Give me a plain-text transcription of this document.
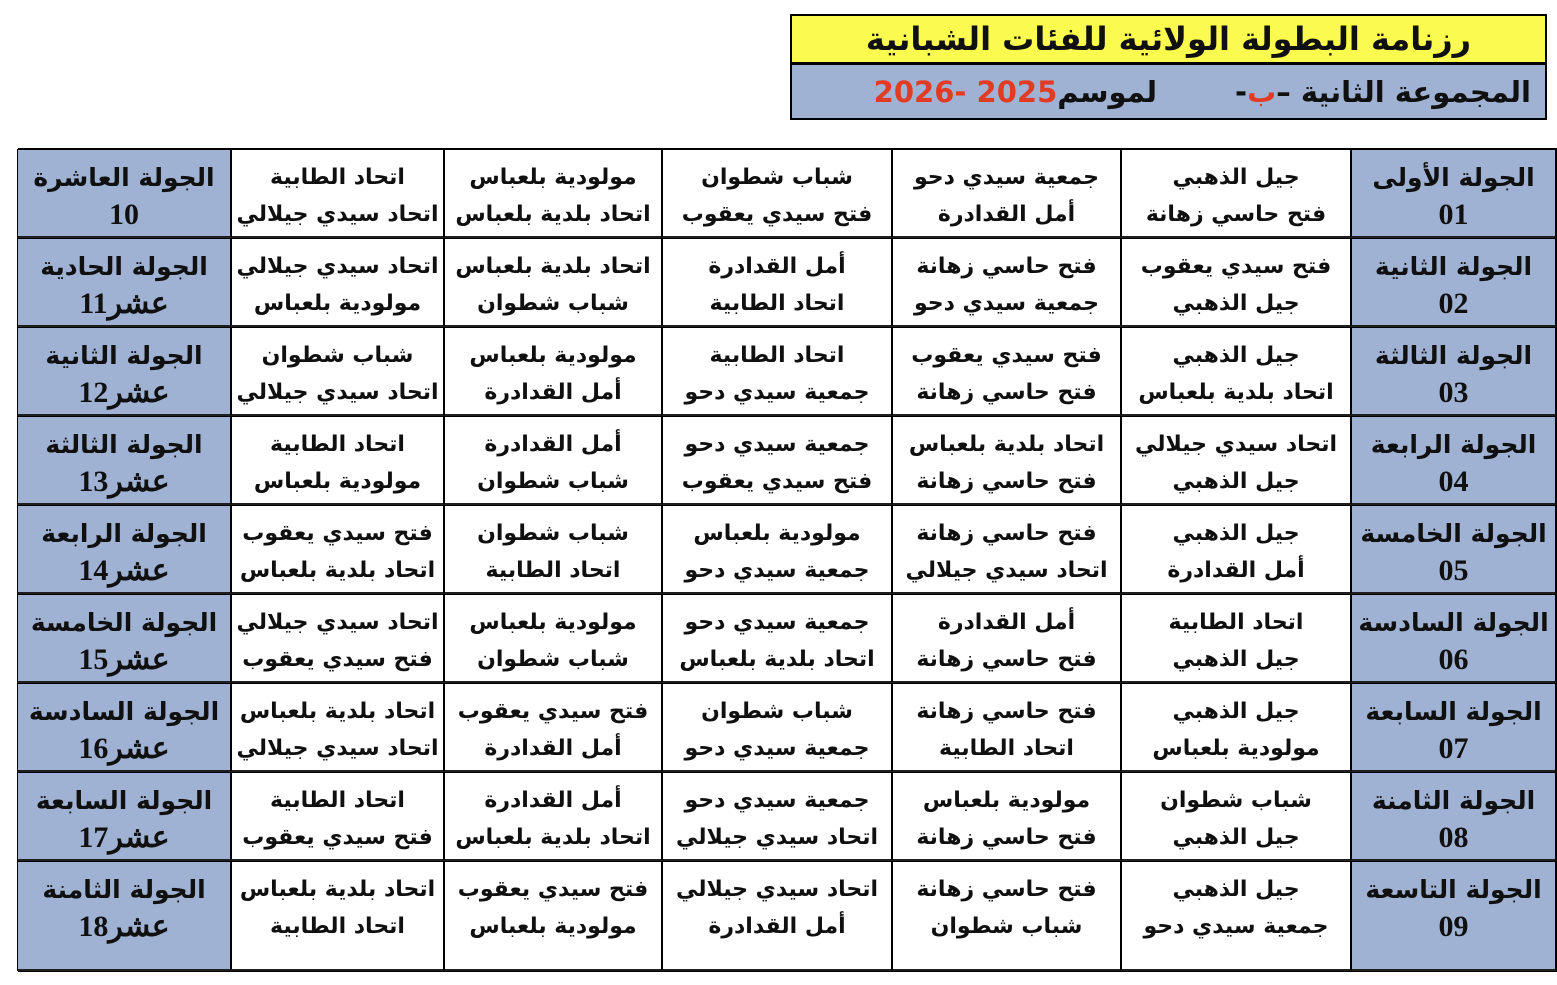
رزنامة البطولة الولائية للفئات الشبانية
المجموعة الثانية –
ب
-
لموسم
2025 -2026
الجولة الأولى
01
جيل الذهبي
فتح حاسي زهانة
جمعية سيدي دحو
أمل القدادرة
شباب شطوان
فتح سيدي يعقوب
مولودية بلعباس
اتحاد بلدية بلعباس
اتحاد الطابية
اتحاد سيدي جيلالي
الجولة العاشرة
10
الجولة الثانية
02
فتح سيدي يعقوب
جيل الذهبي
فتح حاسي زهانة
جمعية سيدي دحو
أمل القدادرة
اتحاد الطابية
اتحاد بلدية بلعباس
شباب شطوان
اتحاد سيدي جيلالي
مولودية بلعباس
الجولة الحادية
عشر11
الجولة الثالثة
03
جيل الذهبي
اتحاد بلدية بلعباس
فتح سيدي يعقوب
فتح حاسي زهانة
اتحاد الطابية
جمعية سيدي دحو
مولودية بلعباس
أمل القدادرة
شباب شطوان
اتحاد سيدي جيلالي
الجولة الثانية
عشر12
الجولة الرابعة
04
اتحاد سيدي جيلالي
جيل الذهبي
اتحاد بلدية بلعباس
فتح حاسي زهانة
جمعية سيدي دحو
فتح سيدي يعقوب
أمل القدادرة
شباب شطوان
اتحاد الطابية
مولودية بلعباس
الجولة الثالثة
عشر13
الجولة الخامسة
05
جيل الذهبي
أمل القدادرة
فتح حاسي زهانة
اتحاد سيدي جيلالي
مولودية بلعباس
جمعية سيدي دحو
شباب شطوان
اتحاد الطابية
فتح سيدي يعقوب
اتحاد بلدية بلعباس
الجولة الرابعة
عشر14
الجولة السادسة
06
اتحاد الطابية
جيل الذهبي
أمل القدادرة
فتح حاسي زهانة
جمعية سيدي دحو
اتحاد بلدية بلعباس
مولودية بلعباس
شباب شطوان
اتحاد سيدي جيلالي
فتح سيدي يعقوب
الجولة الخامسة
عشر15
الجولة السابعة
07
جيل الذهبي
مولودية بلعباس
فتح حاسي زهانة
اتحاد الطابية
شباب شطوان
جمعية سيدي دحو
فتح سيدي يعقوب
أمل القدادرة
اتحاد بلدية بلعباس
اتحاد سيدي جيلالي
الجولة السادسة
عشر16
الجولة الثامنة
08
شباب شطوان
جيل الذهبي
مولودية بلعباس
فتح حاسي زهانة
جمعية سيدي دحو
اتحاد سيدي جيلالي
أمل القدادرة
اتحاد بلدية بلعباس
اتحاد الطابية
فتح سيدي يعقوب
الجولة السابعة
عشر17
الجولة التاسعة
09
جيل الذهبي
جمعية سيدي دحو
فتح حاسي زهانة
شباب شطوان
اتحاد سيدي جيلالي
أمل القدادرة
فتح سيدي يعقوب
مولودية بلعباس
اتحاد بلدية بلعباس
اتحاد الطابية
الجولة الثامنة
عشر18
